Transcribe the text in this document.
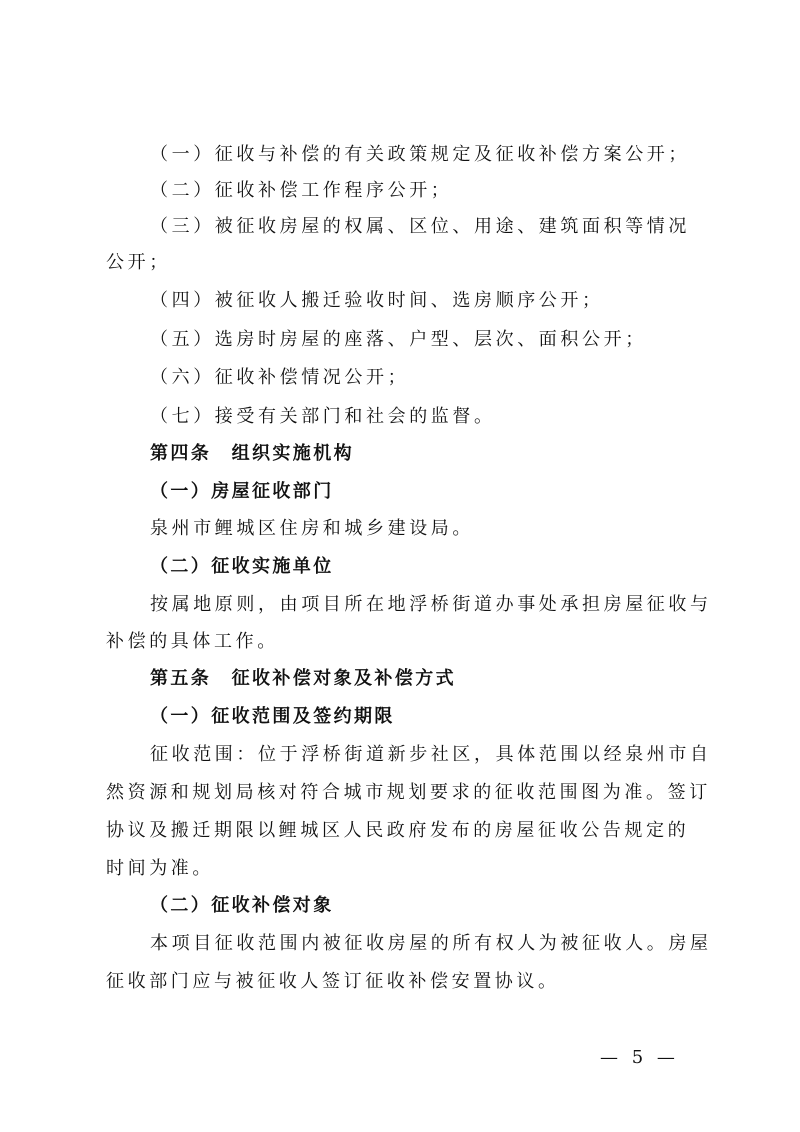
（一）征收与补偿的有关政策规定及征收补偿方案公开；
（二）征收补偿工作程序公开；
（三）被征收房屋的权属、区位、用途、建筑面积等情况
公开；
（四）被征收人搬迁验收时间、选房顺序公开；
（五）选房时房屋的座落、户型、层次、面积公开；
（六）征收补偿情况公开；
（七）接受有关部门和社会的监督。
第四条　组织实施机构
（一）房屋征收部门
泉州市鲤城区住房和城乡建设局。
（二）征收实施单位
按属地原则，由项目所在地浮桥街道办事处承担房屋征收与
补偿的具体工作。
第五条　征收补偿对象及补偿方式
（一）征收范围及签约期限
征收范围：位于浮桥街道新步社区，具体范围以经泉州市自
然资源和规划局核对符合城市规划要求的征收范围图为准。签订
协议及搬迁期限以鲤城区人民政府发布的房屋征收公告规定的
时间为准。
（二）征收补偿对象
本项目征收范围内被征收房屋的所有权人为被征收人。房屋
征收部门应与被征收人签订征收补偿安置协议。
— 5 —
